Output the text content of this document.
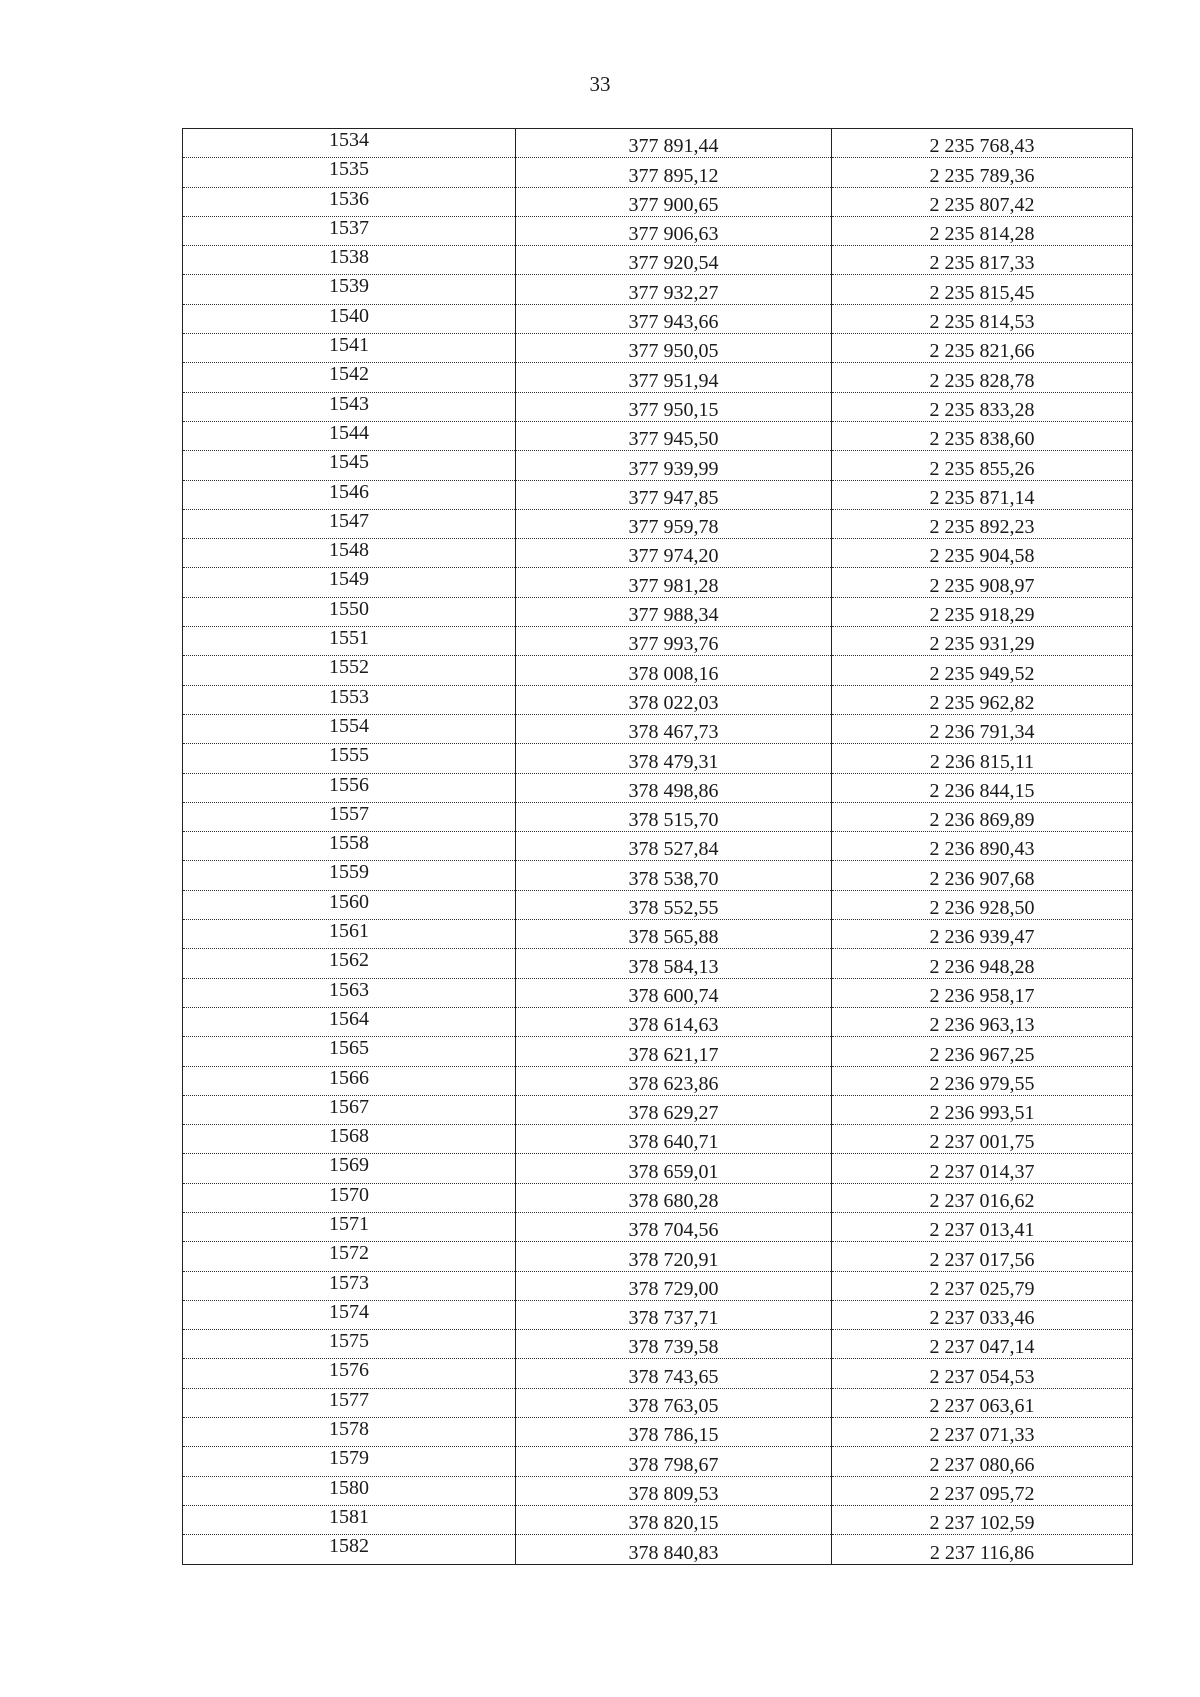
33
1534	377 891,44	2 235 768,43
1535	377 895,12	2 235 789,36
1536	377 900,65	2 235 807,42
1537	377 906,63	2 235 814,28
1538	377 920,54	2 235 817,33
1539	377 932,27	2 235 815,45
1540	377 943,66	2 235 814,53
1541	377 950,05	2 235 821,66
1542	377 951,94	2 235 828,78
1543	377 950,15	2 235 833,28
1544	377 945,50	2 235 838,60
1545	377 939,99	2 235 855,26
1546	377 947,85	2 235 871,14
1547	377 959,78	2 235 892,23
1548	377 974,20	2 235 904,58
1549	377 981,28	2 235 908,97
1550	377 988,34	2 235 918,29
1551	377 993,76	2 235 931,29
1552	378 008,16	2 235 949,52
1553	378 022,03	2 235 962,82
1554	378 467,73	2 236 791,34
1555	378 479,31	2 236 815,11
1556	378 498,86	2 236 844,15
1557	378 515,70	2 236 869,89
1558	378 527,84	2 236 890,43
1559	378 538,70	2 236 907,68
1560	378 552,55	2 236 928,50
1561	378 565,88	2 236 939,47
1562	378 584,13	2 236 948,28
1563	378 600,74	2 236 958,17
1564	378 614,63	2 236 963,13
1565	378 621,17	2 236 967,25
1566	378 623,86	2 236 979,55
1567	378 629,27	2 236 993,51
1568	378 640,71	2 237 001,75
1569	378 659,01	2 237 014,37
1570	378 680,28	2 237 016,62
1571	378 704,56	2 237 013,41
1572	378 720,91	2 237 017,56
1573	378 729,00	2 237 025,79
1574	378 737,71	2 237 033,46
1575	378 739,58	2 237 047,14
1576	378 743,65	2 237 054,53
1577	378 763,05	2 237 063,61
1578	378 786,15	2 237 071,33
1579	378 798,67	2 237 080,66
1580	378 809,53	2 237 095,72
1581	378 820,15	2 237 102,59
1582	378 840,83	2 237 116,86
